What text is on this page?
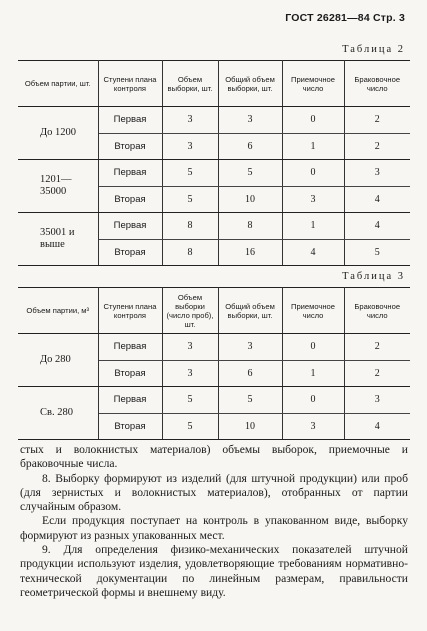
ГОСТ 26281—84 Стр. 3
Таблица 2
Объем партии, шт.	Ступени плана контроля	Объем выборки, шт.	Общий объем выборки, шт.	Приемочное число	Браковочное число
До 1200	Первая	3	3	0	2
	Вторая	3	6	1	2
1201—35000	Первая	5	5	0	3
	Вторая	5	10	3	4
35001 и выше	Первая	8	8	1	4
	Вторая	8	16	4	5
Таблица 3
Объем партии, м³	Ступени плана контроля	Объем выборки (число проб), шт.	Общий объем выборки, шт.	Приемочное число	Браковочное число
До 280	Первая	3	3	0	2
	Вторая	3	6	1	2
Св. 280	Первая	5	5	0	3
	Вторая	5	10	3	4

стых и волокнистых материалов) объемы выборок, приемочные и браковочные числа.

8. Выборку формируют из изделий (для штучной продукции) или проб (для зернистых и волокнистых материалов), отобранных от партии случайным образом.

Если продукция поступает на контроль в упакованном виде, выборку формируют из разных упакованных мест.

9. Для определения физико-механических показателей штучной продукции используют изделия, удовлетворяющие требованиям нормативно-технической документации по линейным размерам, правильности геометрической формы и внешнему виду.
